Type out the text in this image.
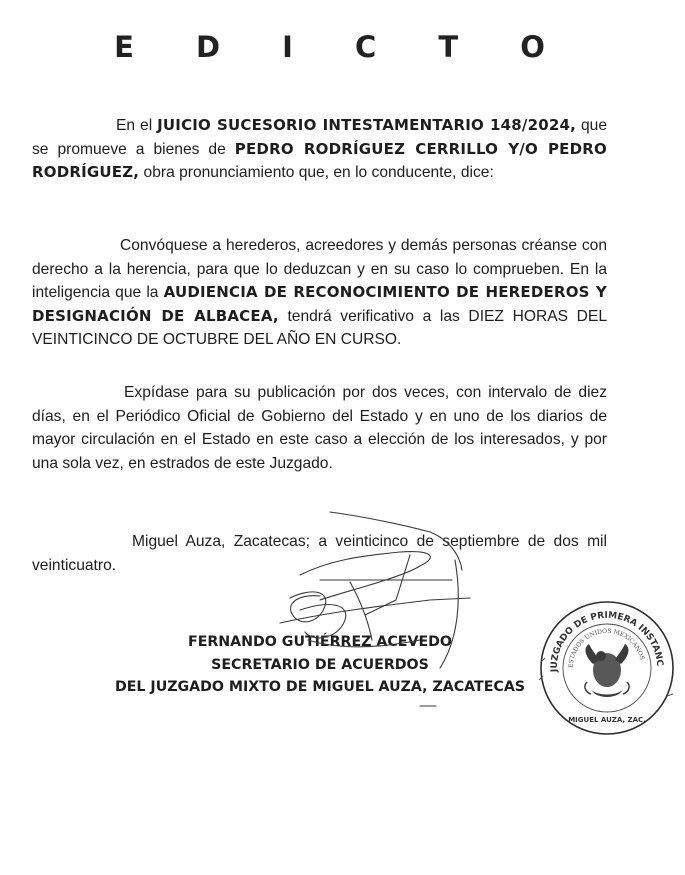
E D I C T O

En el JUICIO SUCESORIO INTESTAMENTARIO 148/2024, que se promueve a bienes de PEDRO RODRÍGUEZ CERRILLO Y/O PEDRO RODRÍGUEZ, obra pronunciamiento que, en lo conducente, dice:

Convóquese a herederos, acreedores y demás personas créanse con derecho a la herencia, para que lo deduzcan y en su caso lo comprueben. En la inteligencia que la AUDIENCIA DE RECONOCIMIENTO DE HEREDEROS Y DESIGNACIÓN DE ALBACEA, tendrá verificativo a las DIEZ HORAS DEL VEINTICINCO DE OCTUBRE DEL AÑO EN CURSO.

Expídase para su publicación por dos veces, con intervalo de diez días, en el Periódico Oficial de Gobierno del Estado y en uno de los diarios de mayor circulación en el Estado en este caso a elección de los interesados, y por una sola vez, en estrados de este Juzgado.

Miguel Auza, Zacatecas; a veinticinco de septiembre de dos mil veinticuatro.

FERNANDO GUTIÉRREZ ACEVEDO
SECRETARIO DE ACUERDOS
DEL JUZGADO MIXTO DE MIGUEL AUZA, ZACATECAS
JUZGADO DE PRIMERA INSTANC
ESTADOS UNIDOS MEXICANOS
MIGUEL AUZA, ZAC.
